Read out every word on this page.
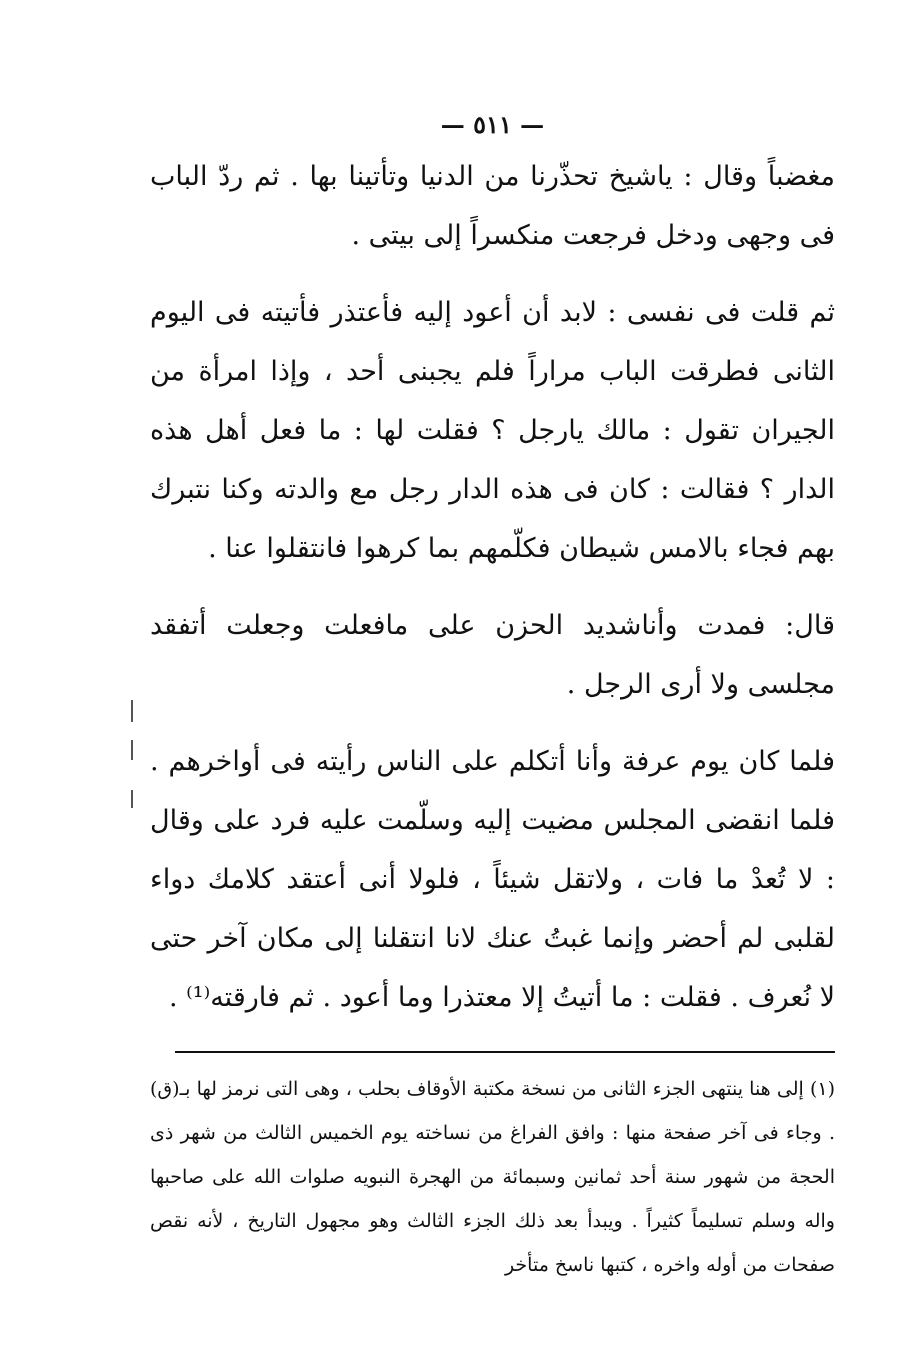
— ٥١١ —

مغضباً وقال : ياشيخ تحذّرنا من الدنيا وتأتينا بها . ثم ردّ الباب فى وجهى ودخل فرجعت منكسراً إلى بيتى .

ثم قلت فى نفسى : لابد أن أعود إليه فأعتذر فأتيته فى اليوم الثانى فطرقت الباب مراراً فلم يجبنى أحد ، وإذا امرأة من الجيران تقول : مالك يارجل ؟ فقلت لها : ما فعل أهل هذه الدار ؟ فقالت : كان فى هذه الدار رجل مع والدته وكنا نتبرك بهم فجاء بالامس شيطان فكلّمهم بما كرهوا فانتقلوا عنا .

قال: فمدت وأناشديد الحزن على مافعلت وجعلت أتفقد مجلسى ولا أرى الرجل .

فلما كان يوم عرفة وأنا أتكلم على الناس رأيته فى أواخرهم . فلما انقضى المجلس مضيت إليه وسلّمت عليه فرد على وقال : لا تُعدْ ما فات ، ولاتقل شيئاً ، فلولا أنى أعتقد كلامك دواء لقلبى لم أحضر وإنما غبتُ عنك لانا انتقلنا إلى مكان آخر حتى لا نُعرف . فقلت : ما أتيتُ إلا معتذرا وما أعود . ثم فارقته⁽¹⁾ .

(١) إلى هنا ينتهى الجزء الثانى من نسخة مكتبة الأوقاف بحلب ، وهى التى نرمز لها بـ(ق) . وجاء فى آخر صفحة منها : وافق الفراغ من نساخته يوم الخميس الثالث من شهر ذى الحجة من شهور سنة أحد ثمانين وسبمائة من الهجرة النبويه صلوات الله على صاحبها واله وسلم تسليماً كثيراً . ويبدأ بعد ذلك الجزء الثالث وهو مجهول التاريخ ، لأنه نقص صفحات من أوله واخره ، كتبها ناسخ متأخر
